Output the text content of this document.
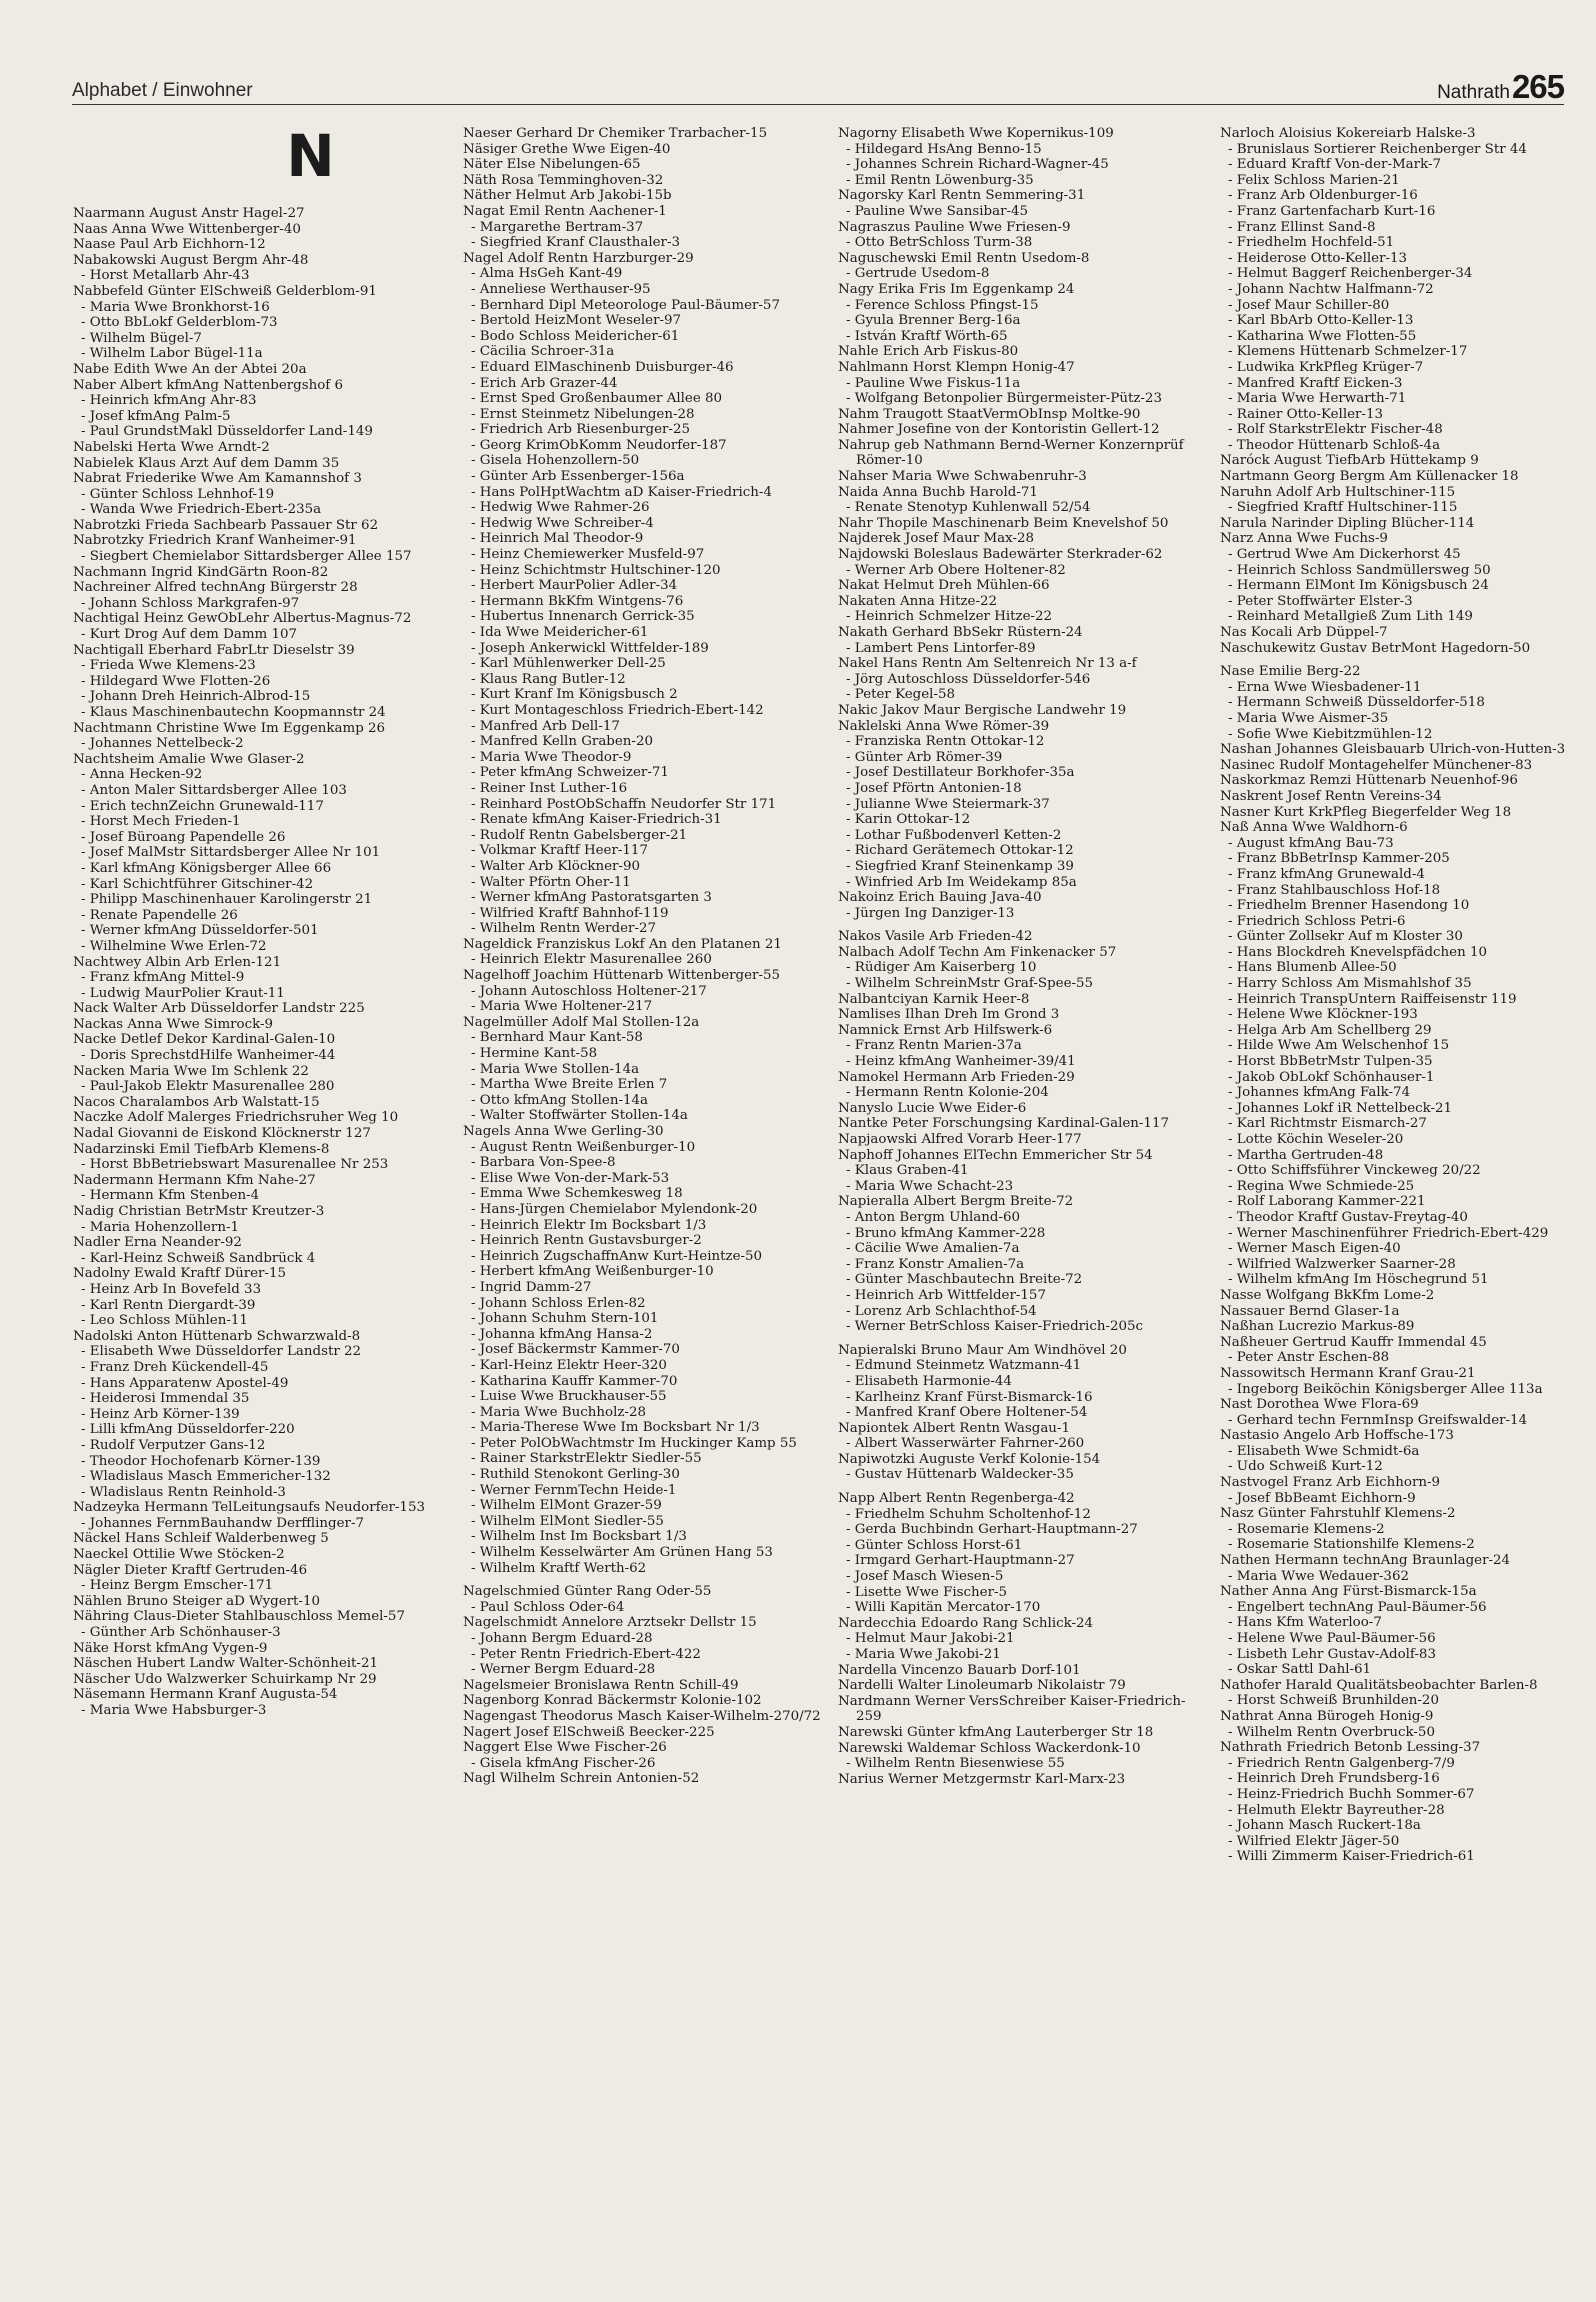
Alphabet / Einwohner	Nathrath265
N
Naarmann August Anstr Hagel-27
Naas Anna Wwe Wittenberger-40
Naase Paul Arb Eichhorn-12
Nabakowski August Bergm Ahr-48
- Horst Metallarb Ahr-43
Nabbefeld Günter ElSchweiß Gelderblom-91
- Maria Wwe Bronkhorst-16
- Otto BbLokf Gelderblom-73
- Wilhelm Bügel-7
- Wilhelm Labor Bügel-11a
Nabe Edith Wwe An der Abtei 20a
Naber Albert kfmAng Nattenbergshof 6
- Heinrich kfmAng Ahr-83
- Josef kfmAng Palm-5
- Paul GrundstMakl Düsseldorfer Land-149
Nabelski Herta Wwe Arndt-2
Nabielek Klaus Arzt Auf dem Damm 35
Nabrat Friederike Wwe Am Kamannshof 3
- Günter Schloss Lehnhof-19
- Wanda Wwe Friedrich-Ebert-235a
Nabrotzki Frieda Sachbearb Passauer Str 62
Nabrotzky Friedrich Kranf Wanheimer-91
- Siegbert Chemielabor Sittardsberger Allee 157
Nachmann Ingrid KindGärtn Roon-82
Nachreiner Alfred technAng Bürgerstr 28
- Johann Schloss Markgrafen-97
Nachtigal Heinz GewObLehr Albertus-Magnus-72
- Kurt Drog Auf dem Damm 107
Nachtigall Eberhard FabrLtr Dieselstr 39
- Frieda Wwe Klemens-23
- Hildegard Wwe Flotten-26
- Johann Dreh Heinrich-Albrod-15
- Klaus Maschinenbautechn Koopmannstr 24
Nachtmann Christine Wwe Im Eggenkamp 26
- Johannes Nettelbeck-2
Nachtsheim Amalie Wwe Glaser-2
- Anna Hecken-92
- Anton Maler Sittardsberger Allee 103
- Erich technZeichn Grunewald-117
- Horst Mech Frieden-1
- Josef Büroang Papendelle 26
- Josef MalMstr Sittardsberger Allee Nr 101
- Karl kfmAng Königsberger Allee 66
- Karl Schichtführer Gitschiner-42
- Philipp Maschinenhauer Karolingerstr 21
- Renate Papendelle 26
- Werner kfmAng Düsseldorfer-501
- Wilhelmine Wwe Erlen-72
Nachtwey Albin Arb Erlen-121
- Franz kfmAng Mittel-9
- Ludwig MaurPolier Kraut-11
Nack Walter Arb Düsseldorfer Landstr 225
Nackas Anna Wwe Simrock-9
Nacke Detlef Dekor Kardinal-Galen-10
- Doris SprechstdHilfe Wanheimer-44
Nacken Maria Wwe Im Schlenk 22
- Paul-Jakob Elektr Masurenallee 280
Nacos Charalambos Arb Walstatt-15
Naczke Adolf Malerges Friedrichsruher Weg 10
Nadal Giovanni de Eiskond Klöcknerstr 127
Nadarzinski Emil TiefbArb Klemens-8
- Horst BbBetriebswart Masurenallee Nr 253
Nadermann Hermann Kfm Nahe-27
- Hermann Kfm Stenben-4
Nadig Christian BetrMstr Kreutzer-3
- Maria Hohenzollern-1
Nadler Erna Neander-92
- Karl-Heinz Schweiß Sandbrück 4
Nadolny Ewald Kraftf Dürer-15
- Heinz Arb In Bovefeld 33
- Karl Rentn Diergardt-39
- Leo Schloss Mühlen-11
Nadolski Anton Hüttenarb Schwarzwald-8
- Elisabeth Wwe Düsseldorfer Landstr 22
- Franz Dreh Kückendell-45
- Hans Apparatenw Apostel-49
- Heiderosi Immendal 35
- Heinz Arb Körner-139
- Lilli kfmAng Düsseldorfer-220
- Rudolf Verputzer Gans-12
- Theodor Hochofenarb Körner-139
- Wladislaus Masch Emmericher-132
- Wladislaus Rentn Reinhold-3
Nadzeyka Hermann TelLeitungsaufs Neudorfer-153
- Johannes FernmBauhandw Derfflinger-7
Näckel Hans Schleif Walderbenweg 5
Naeckel Ottilie Wwe Stöcken-2
Nägler Dieter Kraftf Gertruden-46
- Heinz Bergm Emscher-171
Nählen Bruno Steiger aD Wygert-10
Nähring Claus-Dieter Stahlbauschloss Memel-57
- Günther Arb Schönhauser-3
Näke Horst kfmAng Vygen-9
Näschen Hubert Landw Walter-Schönheit-21
Näscher Udo Walzwerker Schuirkamp Nr 29
Näsemann Hermann Kranf Augusta-54
- Maria Wwe Habsburger-3
Naeser Gerhard Dr Chemiker Trarbacher-15
Näsiger Grethe Wwe Eigen-40
Näter Else Nibelungen-65
Näth Rosa Temminghoven-32
Näther Helmut Arb Jakobi-15b
Nagat Emil Rentn Aachener-1
- Margarethe Bertram-37
- Siegfried Kranf Clausthaler-3
Nagel Adolf Rentn Harzburger-29
- Alma HsGeh Kant-49
- Anneliese Werthauser-95
- Bernhard Dipl Meteorologe Paul-Bäumer-57
- Bertold HeizMont Weseler-97
- Bodo Schloss Meidericher-61
- Cäcilia Schroer-31a
- Eduard ElMaschinenb Duisburger-46
- Erich Arb Grazer-44
- Ernst Sped Großenbaumer Allee 80
- Ernst Steinmetz Nibelungen-28
- Friedrich Arb Riesenburger-25
- Georg KrimObKomm Neudorfer-187
- Gisela Hohenzollern-50
- Günter Arb Essenberger-156a
- Hans PolHptWachtm aD Kaiser-Friedrich-4
- Hedwig Wwe Rahmer-26
- Hedwig Wwe Schreiber-4
- Heinrich Mal Theodor-9
- Heinz Chemiewerker Musfeld-97
- Heinz Schichtmstr Hultschiner-120
- Herbert MaurPolier Adler-34
- Hermann BkKfm Wintgens-76
- Hubertus Innenarch Gerrick-35
- Ida Wwe Meidericher-61
- Joseph Ankerwickl Wittfelder-189
- Karl Mühlenwerker Dell-25
- Klaus Rang Butler-12
- Kurt Kranf Im Königsbusch 2
- Kurt Montageschloss Friedrich-Ebert-142
- Manfred Arb Dell-17
- Manfred Kelln Graben-20
- Maria Wwe Theodor-9
- Peter kfmAng Schweizer-71
- Reiner Inst Luther-16
- Reinhard PostObSchaffn Neudorfer Str 171
- Renate kfmAng Kaiser-Friedrich-31
- Rudolf Rentn Gabelsberger-21
- Volkmar Kraftf Heer-117
- Walter Arb Klöckner-90
- Walter Pförtn Oher-11
- Werner kfmAng Pastoratsgarten 3
- Wilfried Kraftf Bahnhof-119
- Wilhelm Rentn Werder-27
Nageldick Franziskus Lokf An den Platanen 21
- Heinrich Elektr Masurenallee 260
Nagelhoff Joachim Hüttenarb Wittenberger-55
- Johann Autoschloss Holtener-217
- Maria Wwe Holtener-217
Nagelmüller Adolf Mal Stollen-12a
- Bernhard Maur Kant-58
- Hermine Kant-58
- Maria Wwe Stollen-14a
- Martha Wwe Breite Erlen 7
- Otto kfmAng Stollen-14a
- Walter Stoffwärter Stollen-14a
Nagels Anna Wwe Gerling-30
- August Rentn Weißenburger-10
- Barbara Von-Spee-8
- Elise Wwe Von-der-Mark-53
- Emma Wwe Schemkesweg 18
- Hans-Jürgen Chemielabor Mylendonk-20
- Heinrich Elektr Im Bocksbart 1/3
- Heinrich Rentn Gustavsburger-2
- Heinrich ZugschaffnAnw Kurt-Heintze-50
- Herbert kfmAng Weißenburger-10
- Ingrid Damm-27
- Johann Schloss Erlen-82
- Johann Schuhm Stern-101
- Johanna kfmAng Hansa-2
- Josef Bäckermstr Kammer-70
- Karl-Heinz Elektr Heer-320
- Katharina Kauffr Kammer-70
- Luise Wwe Bruckhauser-55
- Maria Wwe Buchholz-28
- Maria-Therese Wwe Im Bocksbart Nr 1/3
- Peter PolObWachtmstr Im Huckinger Kamp 55
- Rainer StarkstrElektr Siedler-55
- Ruthild Stenokont Gerling-30
- Werner FernmTechn Heide-1
- Wilhelm ElMont Grazer-59
- Wilhelm ElMont Siedler-55
- Wilhelm Inst Im Bocksbart 1/3
- Wilhelm Kesselwärter Am Grünen Hang 53
- Wilhelm Kraftf Werth-62
Nagelschmied Günter Rang Oder-55
- Paul Schloss Oder-64
Nagelschmidt Annelore Arztsekr Dellstr 15
- Johann Bergm Eduard-28
- Peter Rentn Friedrich-Ebert-422
- Werner Bergm Eduard-28
Nagelsmeier Bronislawa Rentn Schill-49
Nagenborg Konrad Bäckermstr Kolonie-102
Nagengast Theodorus Masch Kaiser-Wilhelm-270/72
Nagert Josef ElSchweiß Beecker-225
Naggert Else Wwe Fischer-26
- Gisela kfmAng Fischer-26
Nagl Wilhelm Schrein Antonien-52
Nagorny Elisabeth Wwe Kopernikus-109
- Hildegard HsAng Benno-15
- Johannes Schrein Richard-Wagner-45
- Emil Rentn Löwenburg-35
Nagorsky Karl Rentn Semmering-31
- Pauline Wwe Sansibar-45
Nagraszus Pauline Wwe Friesen-9
- Otto BetrSchloss Turm-38
Naguschewski Emil Rentn Usedom-8
- Gertrude Usedom-8
Nagy Erika Fris Im Eggenkamp 24
- Ference Schloss Pfingst-15
- Gyula Brenner Berg-16a
- István Kraftf Wörth-65
Nahle Erich Arb Fiskus-80
Nahlmann Horst Klempn Honig-47
- Pauline Wwe Fiskus-11a
- Wolfgang Betonpolier Bürgermeister-Pütz-23
Nahm Traugott StaatVermObInsp Moltke-90
Nahmer Josefine von der Kontoristin Gellert-12
Nahrup geb Nathmann Bernd-Werner Konzernprüf Römer-10
Nahser Maria Wwe Schwabenruhr-3
Naida Anna Buchb Harold-71
- Renate Stenotyp Kuhlenwall 52/54
Nahr Thopile Maschinenarb Beim Knevelshof 50
Najderek Josef Maur Max-28
Najdowski Boleslaus Badewärter Sterkrader-62
- Werner Arb Obere Holtener-82
Nakat Helmut Dreh Mühlen-66
Nakaten Anna Hitze-22
- Heinrich Schmelzer Hitze-22
Nakath Gerhard BbSekr Rüstern-24
- Lambert Pens Lintorfer-89
Nakel Hans Rentn Am Seltenreich Nr 13 a-f
- Jörg Autoschloss Düsseldorfer-546
- Peter Kegel-58
Nakic Jakov Maur Bergische Landwehr 19
Naklelski Anna Wwe Römer-39
- Franziska Rentn Ottokar-12
- Günter Arb Römer-39
- Josef Destillateur Borkhofer-35a
- Josef Pförtn Antonien-18
- Julianne Wwe Steiermark-37
- Karin Ottokar-12
- Lothar Fußbodenverl Ketten-2
- Richard Gerätemech Ottokar-12
- Siegfried Kranf Steinenkamp 39
- Winfried Arb Im Weidekamp 85a
Nakoinz Erich Bauing Java-40
- Jürgen Ing Danziger-13
Nakos Vasile Arb Frieden-42
Nalbach Adolf Techn Am Finkenacker 57
- Rüdiger Am Kaiserberg 10
- Wilhelm SchreinMstr Graf-Spee-55
Nalbantciyan Karnik Heer-8
Namlises Ilhan Dreh Im Grond 3
Namnick Ernst Arb Hilfswerk-6
- Franz Rentn Marien-37a
- Heinz kfmAng Wanheimer-39/41
Namokel Hermann Arb Frieden-29
- Hermann Rentn Kolonie-204
Nanyslo Lucie Wwe Eider-6
Nantke Peter Forschungsing Kardinal-Galen-117
Napjaowski Alfred Vorarb Heer-177
Naphoff Johannes ElTechn Emmericher Str 54
- Klaus Graben-41
- Maria Wwe Schacht-23
Napieralla Albert Bergm Breite-72
- Anton Bergm Uhland-60
- Bruno kfmAng Kammer-228
- Cäcilie Wwe Amalien-7a
- Franz Konstr Amalien-7a
- Günter Maschbautechn Breite-72
- Heinrich Arb Wittfelder-157
- Lorenz Arb Schlachthof-54
- Werner BetrSchloss Kaiser-Friedrich-205c
Napieralski Bruno Maur Am Windhövel 20
- Edmund Steinmetz Watzmann-41
- Elisabeth Harmonie-44
- Karlheinz Kranf Fürst-Bismarck-16
- Manfred Kranf Obere Holtener-54
Napiontek Albert Rentn Wasgau-1
- Albert Wasserwärter Fahrner-260
Napiwotzki Auguste Verkf Kolonie-154
- Gustav Hüttenarb Waldecker-35
Napp Albert Rentn Regenberga-42
- Friedhelm Schuhm Scholtenhof-12
- Gerda Buchbindn Gerhart-Hauptmann-27
- Günter Schloss Horst-61
- Irmgard Gerhart-Hauptmann-27
- Josef Masch Wiesen-5
- Lisette Wwe Fischer-5
- Willi Kapitän Mercator-170
Nardecchia Edoardo Rang Schlick-24
- Helmut Maur Jakobi-21
- Maria Wwe Jakobi-21
Nardella Vincenzo Bauarb Dorf-101
Nardelli Walter Linoleumarb Nikolaistr 79
Nardmann Werner VersSchreiber Kaiser-Friedrich-259
Narewski Günter kfmAng Lauterberger Str 18
Narewski Waldemar Schloss Wackerdonk-10
- Wilhelm Rentn Biesenwiese 55
Narius Werner Metzgermstr Karl-Marx-23
Narloch Aloisius Kokereiarb Halske-3
- Brunislaus Sortierer Reichenberger Str 44
- Eduard Kraftf Von-der-Mark-7
- Felix Schloss Marien-21
- Franz Arb Oldenburger-16
- Franz Gartenfacharb Kurt-16
- Franz Ellinst Sand-8
- Friedhelm Hochfeld-51
- Heiderose Otto-Keller-13
- Helmut Baggerf Reichenberger-34
- Johann Nachtw Halfmann-72
- Josef Maur Schiller-80
- Karl BbArb Otto-Keller-13
- Katharina Wwe Flotten-55
- Klemens Hüttenarb Schmelzer-17
- Ludwika KrkPfleg Krüger-7
- Manfred Kraftf Eicken-3
- Maria Wwe Herwarth-71
- Rainer Otto-Keller-13
- Rolf StarkstrElektr Fischer-48
- Theodor Hüttenarb Schloß-4a
Naróck August TiefbArb Hüttekamp 9
Nartmann Georg Bergm Am Küllenacker 18
Naruhn Adolf Arb Hultschiner-115
- Siegfried Kraftf Hultschiner-115
Narula Narinder Dipling Blücher-114
Narz Anna Wwe Fuchs-9
- Gertrud Wwe Am Dickerhorst 45
- Heinrich Schloss Sandmüllersweg 50
- Hermann ElMont Im Königsbusch 24
- Peter Stoffwärter Elster-3
- Reinhard Metallgieß Zum Lith 149
Nas Kocali Arb Düppel-7
Naschukewitz Gustav BetrMont Hagedorn-50
Nase Emilie Berg-22
- Erna Wwe Wiesbadener-11
- Hermann Schweiß Düsseldorfer-518
- Maria Wwe Aismer-35
- Sofie Wwe Kiebitzmühlen-12
Nashan Johannes Gleisbauarb Ulrich-von-Hutten-3
Nasinec Rudolf Montagehelfer Münchener-83
Naskorkmaz Remzi Hüttenarb Neuenhof-96
Naskrent Josef Rentn Vereins-34
Nasner Kurt KrkPfleg Biegerfelder Weg 18
Naß Anna Wwe Waldhorn-6
- August kfmAng Bau-73
- Franz BbBetrInsp Kammer-205
- Franz kfmAng Grunewald-4
- Franz Stahlbauschloss Hof-18
- Friedhelm Brenner Hasendong 10
- Friedrich Schloss Petri-6
- Günter Zollsekr Auf m Kloster 30
- Hans Blockdreh Knevelspfädchen 10
- Hans Blumenb Allee-50
- Harry Schloss Am Mismahlshof 35
- Heinrich TranspUntern Raiffeisenstr 119
- Helene Wwe Klöckner-193
- Helga Arb Am Schellberg 29
- Hilde Wwe Am Welschenhof 15
- Horst BbBetrMstr Tulpen-35
- Jakob ObLokf Schönhauser-1
- Johannes kfmAng Falk-74
- Johannes Lokf iR Nettelbeck-21
- Karl Richtmstr Eismarch-27
- Lotte Köchin Weseler-20
- Martha Gertruden-48
- Otto Schiffsführer Vinckeweg 20/22
- Regina Wwe Schmiede-25
- Rolf Laborang Kammer-221
- Theodor Kraftf Gustav-Freytag-40
- Werner Maschinenführer Friedrich-Ebert-429
- Werner Masch Eigen-40
- Wilfried Walzwerker Saarner-28
- Wilhelm kfmAng Im Höschegrund 51
Nasse Wolfgang BkKfm Lome-2
Nassauer Bernd Glaser-1a
Naßhan Lucrezio Markus-89
Naßheuer Gertrud Kauffr Immendal 45
- Peter Anstr Eschen-88
Nassowitsch Hermann Kranf Grau-21
- Ingeborg Beiköchin Königsberger Allee 113a
Nast Dorothea Wwe Flora-69
- Gerhard techn FernmInsp Greifswalder-14
Nastasio Angelo Arb Hoffsche-173
- Elisabeth Wwe Schmidt-6a
- Udo Schweiß Kurt-12
Nastvogel Franz Arb Eichhorn-9
- Josef BbBeamt Eichhorn-9
Nasz Günter Fahrstuhlf Klemens-2
- Rosemarie Klemens-2
- Rosemarie Stationshilfe Klemens-2
Nathen Hermann technAng Braunlager-24
- Maria Wwe Wedauer-362
Nather Anna Ang Fürst-Bismarck-15a
- Engelbert technAng Paul-Bäumer-56
- Hans Kfm Waterloo-7
- Helene Wwe Paul-Bäumer-56
- Lisbeth Lehr Gustav-Adolf-83
- Oskar Sattl Dahl-61
Nathofer Harald Qualitätsbeobachter Barlen-8
- Horst Schweiß Brunhilden-20
Nathrat Anna Bürogeh Honig-9
- Wilhelm Rentn Overbruck-50
Nathrath Friedrich Betonb Lessing-37
- Friedrich Rentn Galgenberg-7/9
- Heinrich Dreh Frundsberg-16
- Heinz-Friedrich Buchh Sommer-67
- Helmuth Elektr Bayreuther-28
- Johann Masch Ruckert-18a
- Wilfried Elektr Jäger-50
- Willi Zimmerm Kaiser-Friedrich-61
